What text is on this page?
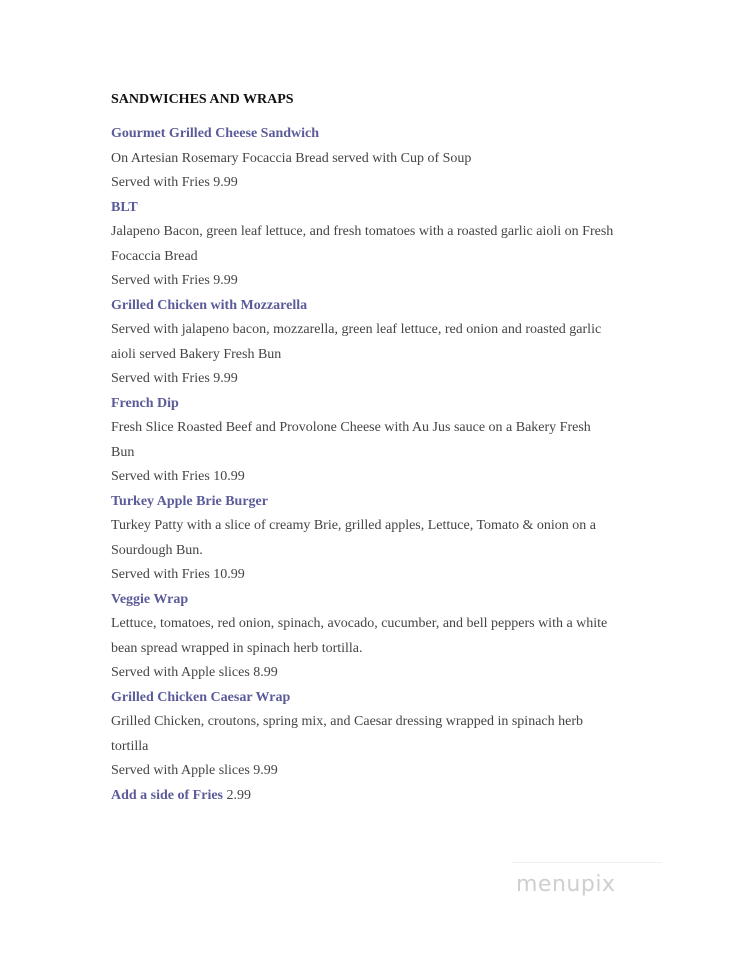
SANDWICHES AND WRAPS
Gourmet Grilled Cheese Sandwich
On Artesian Rosemary Focaccia Bread served with Cup of Soup
Served with Fries 9.99
BLT
Jalapeno Bacon, green leaf lettuce, and fresh tomatoes with a roasted garlic aioli on Fresh
Focaccia Bread
Served with Fries 9.99
Grilled Chicken with Mozzarella
Served with jalapeno bacon, mozzarella, green leaf lettuce, red onion and roasted garlic
aioli served Bakery Fresh Bun
Served with Fries 9.99
French Dip
Fresh Slice Roasted Beef and Provolone Cheese with Au Jus sauce on a Bakery Fresh
Bun
Served with Fries 10.99
Turkey Apple Brie Burger
Turkey Patty with a slice of creamy Brie, grilled apples, Lettuce, Tomato & onion on a
Sourdough Bun.
Served with Fries 10.99
Veggie Wrap
Lettuce, tomatoes, red onion, spinach, avocado, cucumber, and bell peppers with a white
bean spread wrapped in spinach herb tortilla.
Served with Apple slices 8.99
Grilled Chicken Caesar Wrap
Grilled Chicken, croutons, spring mix, and Caesar dressing wrapped in spinach herb
tortilla
Served with Apple slices 9.99
Add a side of Fries 2.99
menupix
